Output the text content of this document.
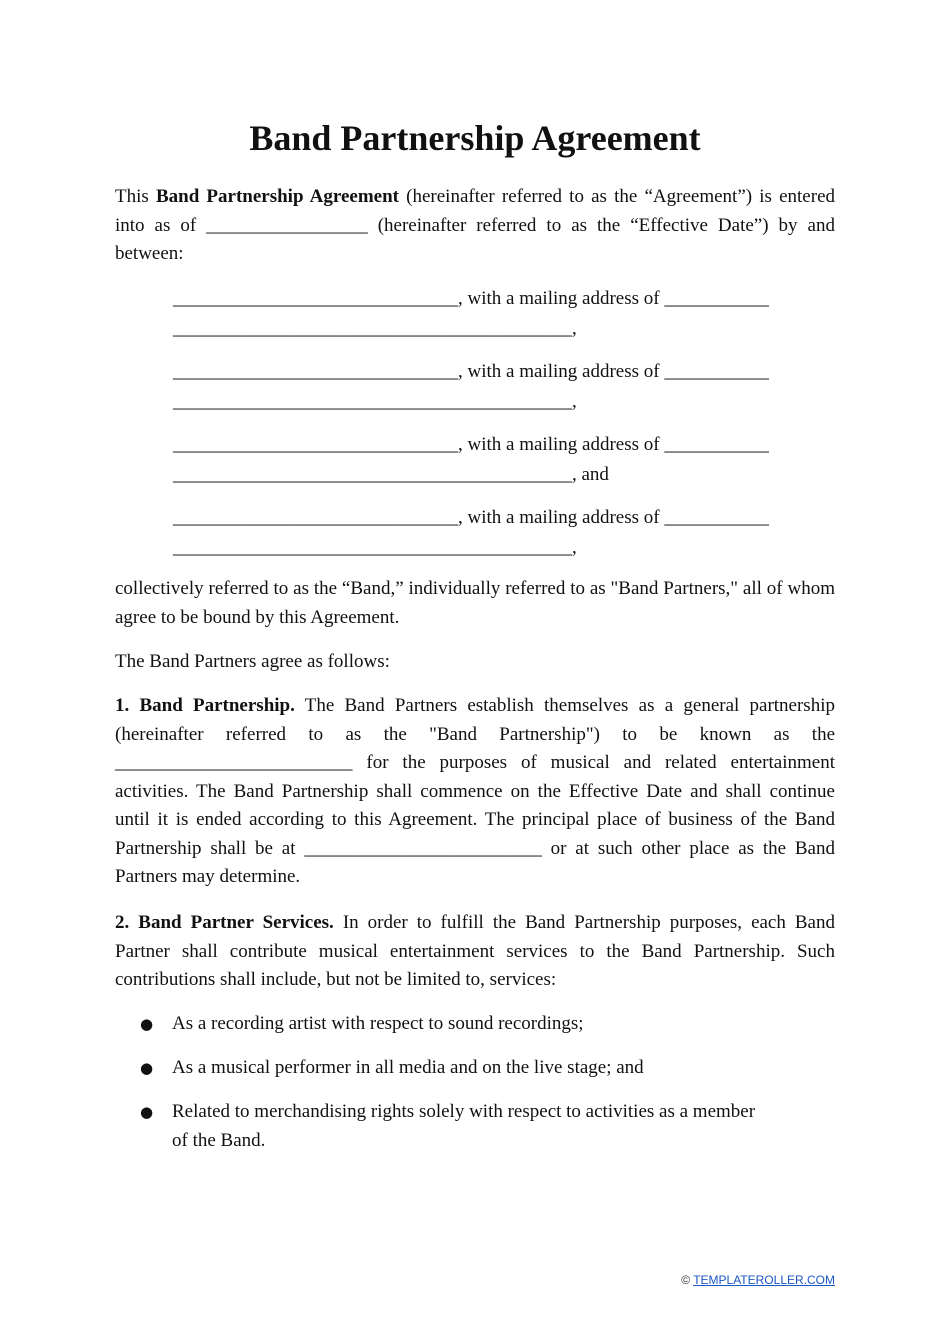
Band Partnership Agreement

This Band Partnership Agreement (hereinafter referred to as the “Agreement”) is entered into as of _________________ (hereinafter referred to as the “Effective Date”) by and between:

______________________________, with a mailing address of ___________
__________________________________________,
______________________________, with a mailing address of ___________
__________________________________________,
______________________________, with a mailing address of ___________
__________________________________________, and
______________________________, with a mailing address of ___________
__________________________________________,

collectively referred to as the “Band,” individually referred to as "Band Partners," all of whom agree to be bound by this Agreement.

The Band Partners agree as follows:

1. Band Partnership. The Band Partners establish themselves as a general partnership (hereinafter referred to as the "Band Partnership") to be known as the _________________________ for the purposes of musical and related entertainment activities. The Band Partnership shall commence on the Effective Date and shall continue until it is ended according to this Agreement. The principal place of business of the Band Partnership shall be at _________________________ or at such other place as the Band Partners may determine.

2. Band Partner Services. In order to fulfill the Band Partnership purposes, each Band Partner shall contribute musical entertainment services to the Band Partnership. Such contributions shall include, but not be limited to, services:

● As a recording artist with respect to sound recordings;
● As a musical performer in all media and on the live stage; and
● Related to merchandising rights solely with respect to activities as a member of the Band.
© TEMPLATEROLLER.COM
